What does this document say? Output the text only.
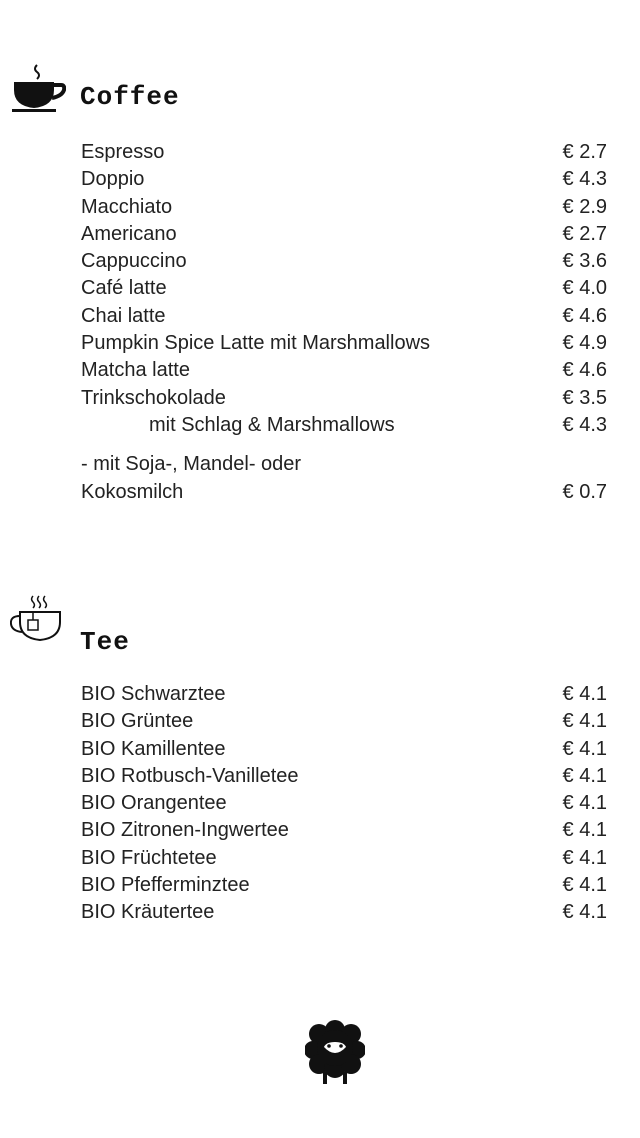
Coffee
Espresso	€ 2.7
Doppio	€ 4.3
Macchiato	€ 2.9
Americano	€ 2.7
Cappuccino	€ 3.6
Café latte	€ 4.0
Chai latte	€ 4.6
Pumpkin Spice Latte mit Marshmallows	€ 4.9
Matcha latte	€ 4.6
Trinkschokolade	€ 3.5
mit Schlag & Marshmallows	€ 4.3
- mit Soja-, Mandel- oder
Kokosmilch	€ 0.7
Tee
BIO Schwarztee	€ 4.1
BIO Grüntee	€ 4.1
BIO Kamillentee	€ 4.1
BIO Rotbusch-Vanilletee	€ 4.1
BIO Orangentee	€ 4.1
BIO Zitronen-Ingwertee	€ 4.1
BIO Früchtetee	€ 4.1
BIO Pfefferminztee	€ 4.1
BIO Kräutertee	€ 4.1
